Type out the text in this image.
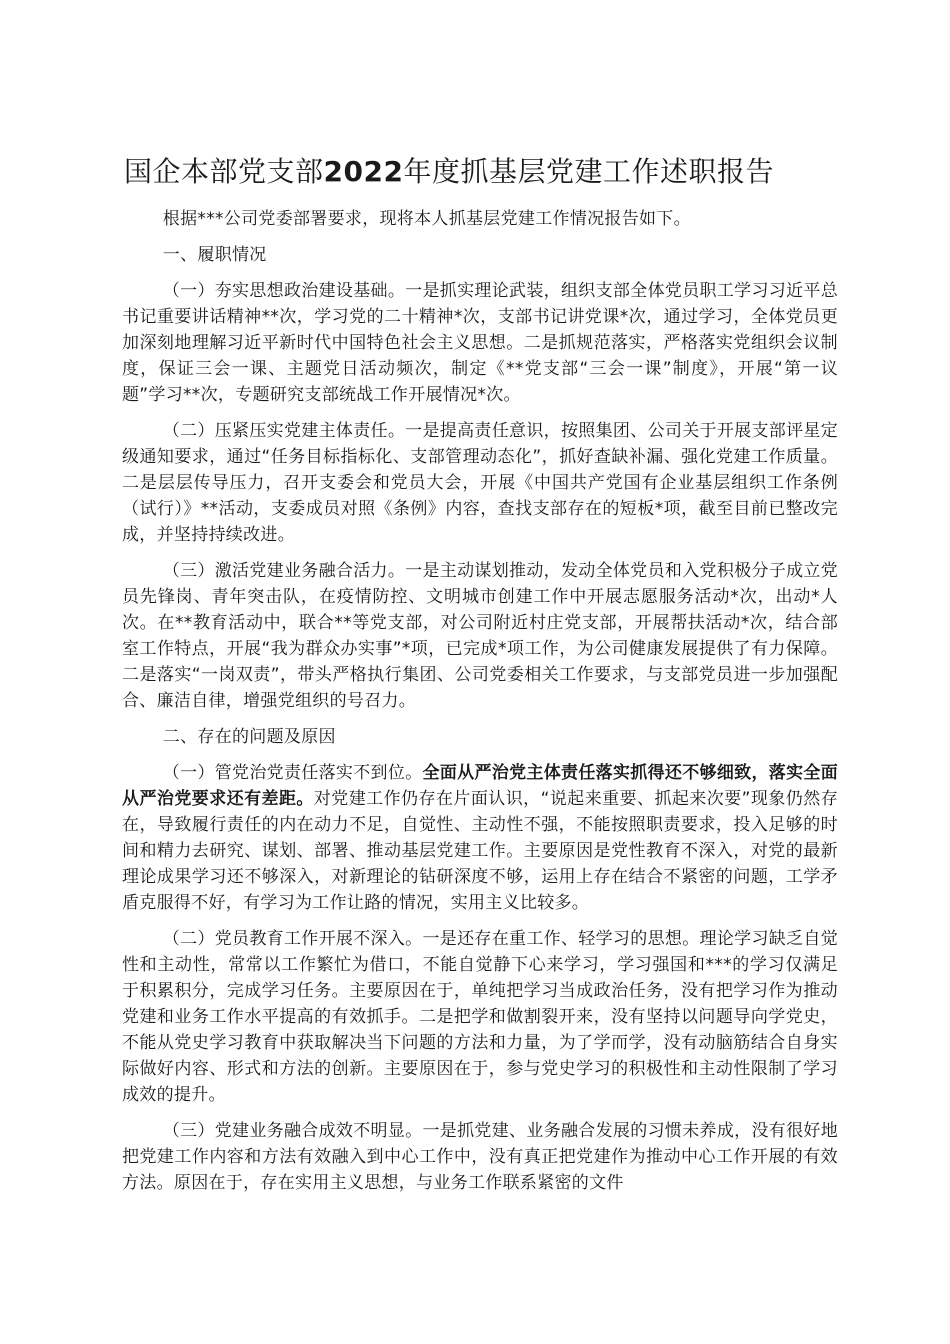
国企本部党支部2022年度抓基层党建工作述职报告

根据***公司党委部署要求，现将本人抓基层党建工作情况报告如下。

一、履职情况

（一）夯实思想政治建设基础。一是抓实理论武装，组织支部全体党员职工学习习近平总书记重要讲话精神**次，学习党的二十精神*次，支部书记讲党课*次，通过学习，全体党员更加深刻地理解习近平新时代中国特色社会主义思想。二是抓规范落实，严格落实党组织会议制度，保证三会一课、主题党日活动频次，制定《**党支部“三会一课”制度》，开展“第一议题”学习**次，专题研究支部统战工作开展情况*次。

（二）压紧压实党建主体责任。一是提高责任意识，按照集团、公司关于开展支部评星定级通知要求，通过“任务目标指标化、支部管理动态化”，抓好查缺补漏、强化党建工作质量。二是层层传导压力，召开支委会和党员大会，开展《中国共产党国有企业基层组织工作条例（试行）》**活动，支委成员对照《条例》内容，查找支部存在的短板*项，截至目前已整改完成，并坚持持续改进。

（三）激活党建业务融合活力。一是主动谋划推动，发动全体党员和入党积极分子成立党员先锋岗、青年突击队，在疫情防控、文明城市创建工作中开展志愿服务活动*次，出动*人次。在**教育活动中，联合**等党支部，对公司附近村庄党支部，开展帮扶活动*次，结合部室工作特点，开展“我为群众办实事”*项，已完成*项工作，为公司健康发展提供了有力保障。二是落实“一岗双责”，带头严格执行集团、公司党委相关工作要求，与支部党员进一步加强配合、廉洁自律，增强党组织的号召力。

二、存在的问题及原因

（一）管党治党责任落实不到位。全面从严治党主体责任落实抓得还不够细致，落实全面从严治党要求还有差距。对党建工作仍存在片面认识，“说起来重要、抓起来次要”现象仍然存在，导致履行责任的内在动力不足，自觉性、主动性不强，不能按照职责要求，投入足够的时间和精力去研究、谋划、部署、推动基层党建工作。主要原因是党性教育不深入，对党的最新理论成果学习还不够深入，对新理论的钻研深度不够，运用上存在结合不紧密的问题，工学矛盾克服得不好，有学习为工作让路的情况，实用主义比较多。

（二）党员教育工作开展不深入。一是还存在重工作、轻学习的思想。理论学习缺乏自觉性和主动性，常常以工作繁忙为借口，不能自觉静下心来学习，学习强国和***的学习仅满足于积累积分，完成学习任务。主要原因在于，单纯把学习当成政治任务，没有把学习作为推动党建和业务工作水平提高的有效抓手。二是把学和做割裂开来，没有坚持以问题导向学党史，不能从党史学习教育中获取解决当下问题的方法和力量，为了学而学，没有动脑筋结合自身实际做好内容、形式和方法的创新。主要原因在于，参与党史学习的积极性和主动性限制了学习成效的提升。

（三）党建业务融合成效不明显。一是抓党建、业务融合发展的习惯未养成，没有很好地把党建工作内容和方法有效融入到中心工作中，没有真正把党建作为推动中心工作开展的有效方法。原因在于，存在实用主义思想，与业务工作联系紧密的文件
